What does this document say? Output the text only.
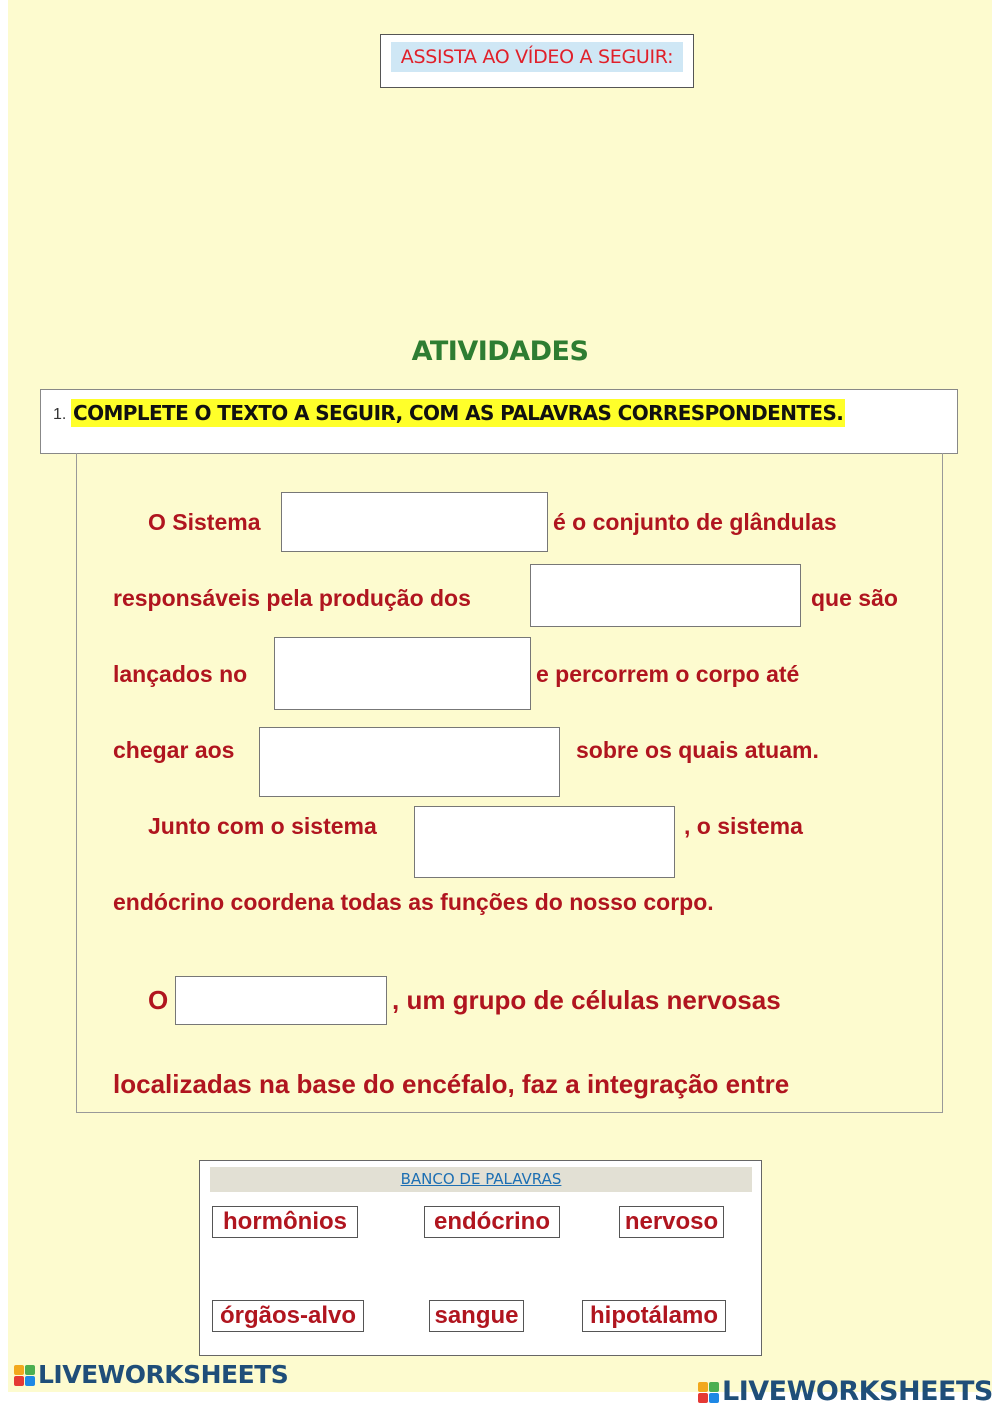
ASSISTA AO VÍDEO A SEGUIR:
ATIVIDADES
1. COMPLETE O TEXTO A SEGUIR, COM AS PALAVRAS CORRESPONDENTES.
O Sistema	é o conjunto de glândulas
responsáveis pela produção dos	que são
lançados no	e percorrem o corpo até
chegar aos	sobre os quais atuam.
Junto com o sistema	, o sistema
endócrino coordena todas as funções do nosso corpo.
O	, um grupo de células nervosas
localizadas na base do encéfalo, faz a integração entre
BANCO DE PALAVRAS
hormônios	endócrino	nervoso
órgãos-alvo	sangue	hipotálamo
LIVEWORKSHEETS
LIVEWORKSHEETS
